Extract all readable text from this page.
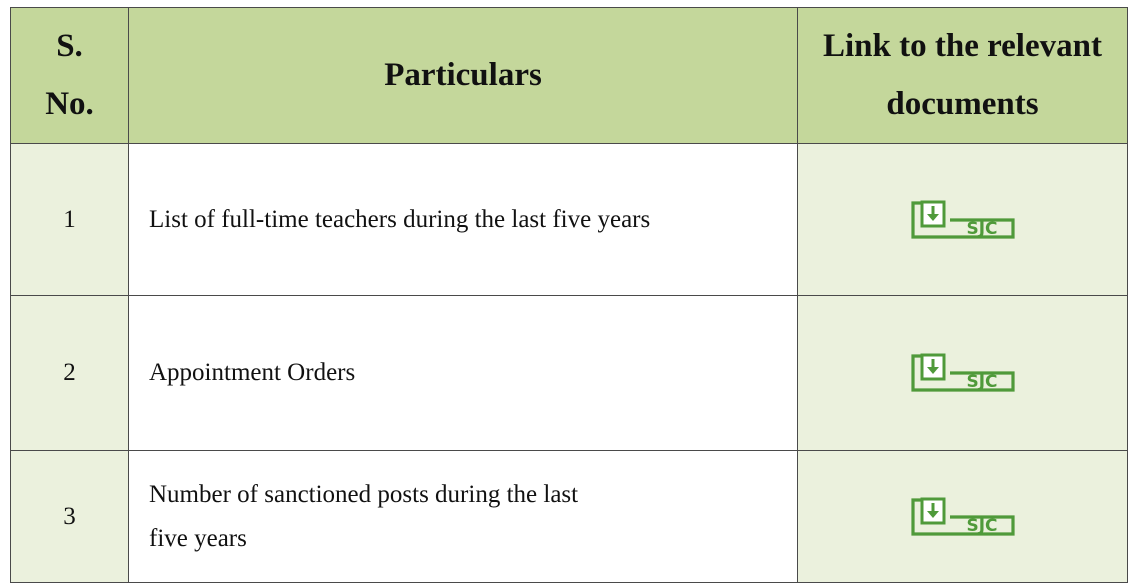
S.
No.	Particulars	Link to the relevant
documents
1	List of full-time teachers during the last five years	SJC

2	Appointment Orders	SJC

3	Number of sanctioned posts during the last
five years	SJC
